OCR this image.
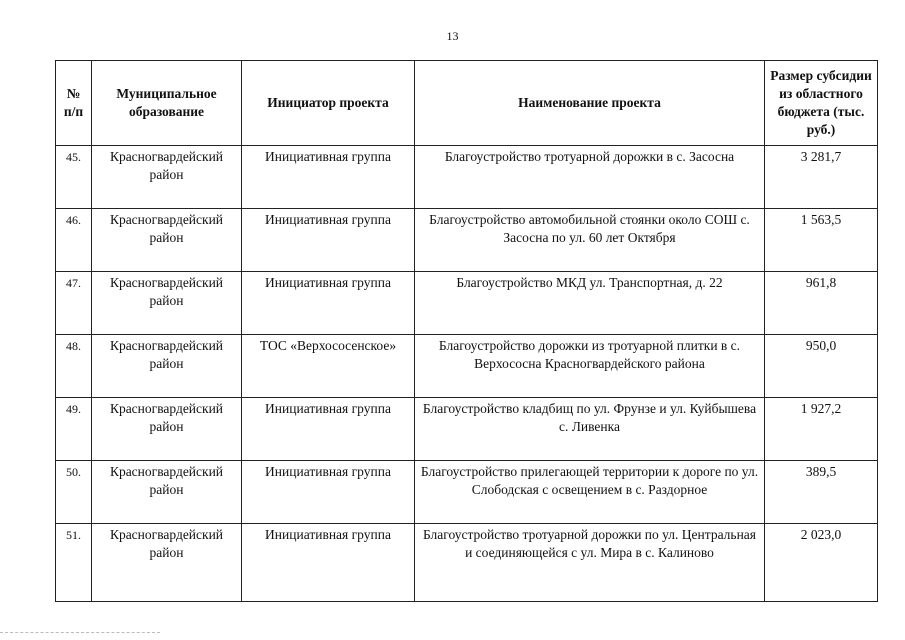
13
№ п/п	Муниципальное образование	Инициатор проекта	Наименование проекта	Размер субсидии из областного бюджета (тыс. руб.)
45.	Красногвардейский район	Инициативная группа	Благоустройство тротуарной дорожки в с. Засосна	3 281,7
46.	Красногвардейский район	Инициативная группа	Благоустройство автомобильной стоянки около СОШ с. Засосна по ул. 60 лет Октября	1 563,5
47.	Красногвардейский район	Инициативная группа	Благоустройство МКД ул. Транспортная, д. 22	961,8
48.	Красногвардейский район	ТОС «Верхососенское»	Благоустройство дорожки из тротуарной плитки в с. Верхососна Красногвардейского района	950,0
49.	Красногвардейский район	Инициативная группа	Благоустройство кладбищ по ул. Фрунзе и ул. Куйбышева с. Ливенка	1 927,2
50.	Красногвардейский район	Инициативная группа	Благоустройство прилегающей территории к дороге по ул. Слободская с освещением в с. Раздорное	389,5
51.	Красногвардейский район	Инициативная группа	Благоустройство тротуарной дорожки по ул. Центральная и соединяющейся с ул. Мира в с. Калиново	2 023,0
